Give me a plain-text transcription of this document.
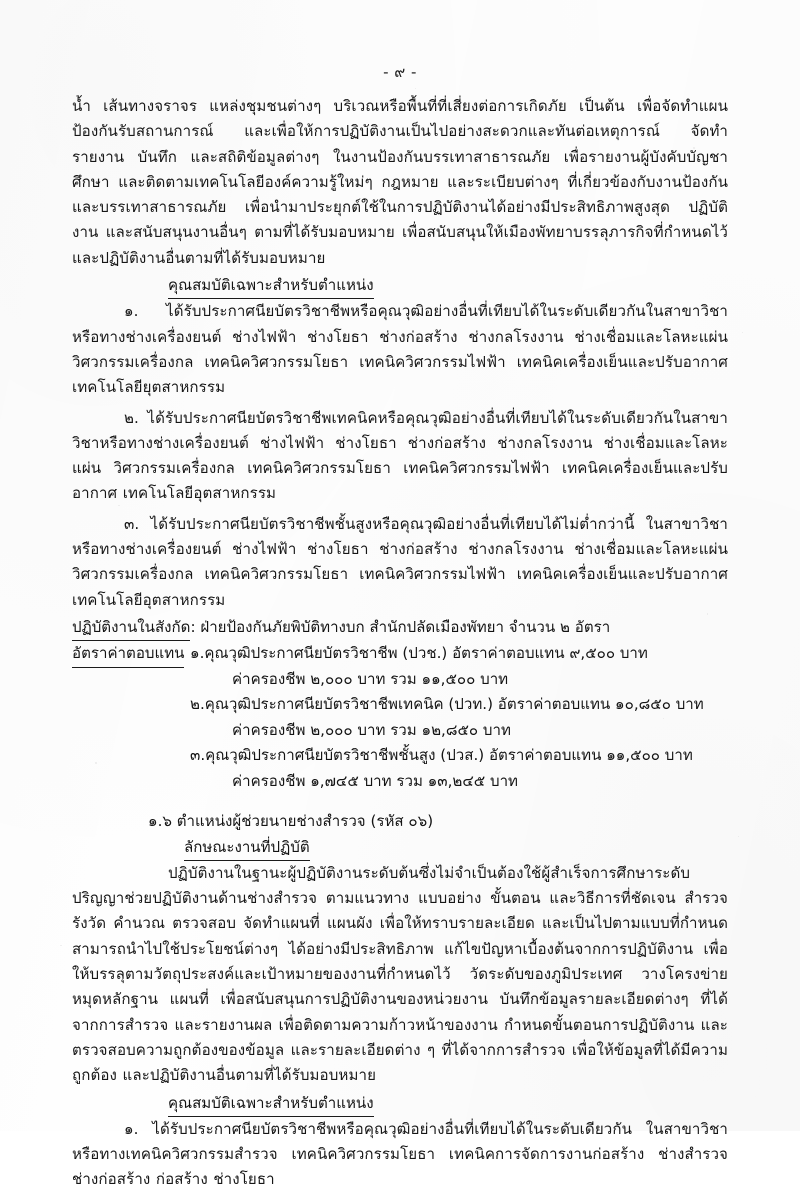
- ๙ -

น้ำ เส้นทางจราจร แหล่งชุมชนต่างๆ บริเวณหรือพื้นที่ที่เสี่ยงต่อการเกิดภัย เป็นต้น เพื่อจัดทำแผนป้องกันรับสถานการณ์ และเพื่อให้การปฏิบัติงานเป็นไปอย่างสะดวกและทันต่อเหตุการณ์ จัดทำรายงาน บันทึก และสถิติข้อมูลต่างๆ ในงานป้องกันบรรเทาสาธารณภัย เพื่อรายงานผู้บังคับบัญชา ศึกษา และติดตามเทคโนโลยีองค์ความรู้ใหม่ๆ กฎหมาย และระเบียบต่างๆ ที่เกี่ยวข้องกับงานป้องกันและบรรเทาสาธารณภัย เพื่อนำมาประยุกต์ใช้ในการปฏิบัติงานได้อย่างมีประสิทธิภาพสูงสุด ปฏิบัติงาน และสนับสนุนงานอื่นๆ ตามที่ได้รับมอบหมาย เพื่อสนับสนุนให้เมืองพัทยาบรรลุภารกิจที่กำหนดไว้ และปฏิบัติงานอื่นตามที่ได้รับมอบหมาย

คุณสมบัติเฉพาะสำหรับตำแหน่ง

๑. ได้รับประกาศนียบัตรวิชาชีพหรือคุณวุฒิอย่างอื่นที่เทียบได้ในระดับเดียวกันในสาขาวิชาหรือทางช่างเครื่องยนต์ ช่างไฟฟ้า ช่างโยธา ช่างก่อสร้าง ช่างกลโรงงาน ช่างเชื่อมและโลหะแผ่น วิศวกรรมเครื่องกล เทคนิควิศวกรรมโยธา เทคนิควิศวกรรมไฟฟ้า เทคนิคเครื่องเย็นและปรับอากาศ เทคโนโลยียุตสาหกรรม

๒. ได้รับประกาศนียบัตรวิชาชีพเทคนิคหรือคุณวุฒิอย่างอื่นที่เทียบได้ในระดับเดียวกันในสาขาวิชาหรือทางช่างเครื่องยนต์ ช่างไฟฟ้า ช่างโยธา ช่างก่อสร้าง ช่างกลโรงงาน ช่างเชื่อมและโลหะแผ่น วิศวกรรมเครื่องกล เทคนิควิศวกรรมโยธา เทคนิควิศวกรรมไฟฟ้า เทคนิคเครื่องเย็นและปรับอากาศ เทคโนโลยีอุตสาหกรรม

๓. ได้รับประกาศนียบัตรวิชาชีพชั้นสูงหรือคุณวุฒิอย่างอื่นที่เทียบได้ไม่ต่ำกว่านี้ ในสาขาวิชาหรือทางช่างเครื่องยนต์ ช่างไฟฟ้า ช่างโยธา ช่างก่อสร้าง ช่างกลโรงงาน ช่างเชื่อมและโลหะแผ่น วิศวกรรมเครื่องกล เทคนิควิศวกรรมโยธา เทคนิควิศวกรรมไฟฟ้า เทคนิคเครื่องเย็นและปรับอากาศ เทคโนโลยีอุตสาหกรรม

ปฏิบัติงานในสังกัด : ฝ่ายป้องกันภัยพิบัติทางบก สำนักปลัดเมืองพัทยา จำนวน ๒ อัตรา
อัตราค่าตอบแทน ๑.คุณวุฒิประกาศนียบัตรวิชาชีพ (ปวช.) อัตราค่าตอบแทน ๙,๕๐๐ บาท
ค่าครองชีพ ๒,๐๐๐ บาท รวม ๑๑,๕๐๐ บาท
๒.คุณวุฒิประกาศนียบัตรวิชาชีพเทคนิค (ปวท.) อัตราค่าตอบแทน ๑๐,๘๕๐ บาท
ค่าครองชีพ ๒,๐๐๐ บาท รวม ๑๒,๘๕๐ บาท
๓.คุณวุฒิประกาศนียบัตรวิชาชีพชั้นสูง (ปวส.) อัตราค่าตอบแทน ๑๑,๕๐๐ บาท
ค่าครองชีพ ๑,๗๔๕ บาท รวม ๑๓,๒๔๕ บาท

๑.๖ ตำแหน่งผู้ช่วยนายช่างสำรวจ (รหัส ๐๖)

ลักษณะงานที่ปฏิบัติ

ปฏิบัติงานในฐานะผู้ปฏิบัติงานระดับต้นซึ่งไม่จำเป็นต้องใช้ผู้สำเร็จการศึกษาระดับปริญญาช่วยปฏิบัติงานด้านช่างสำรวจ ตามแนวทาง แบบอย่าง ขั้นตอน และวิธีการที่ชัดเจน สำรวจ รังวัด คำนวณ ตรวจสอบ จัดทำแผนที่ แผนผัง เพื่อให้ทราบรายละเอียด และเป็นไปตามแบบที่กำหนด สามารถนำไปใช้ประโยชน์ต่างๆ ได้อย่างมีประสิทธิภาพ แก้ไขปัญหาเบื้องต้นจากการปฏิบัติงาน เพื่อให้บรรลุตามวัตถุประสงค์และเป้าหมายของงานที่กำหนดไว้ วัดระดับของภูมิประเทศ วางโครงข่ายหมุดหลักฐาน แผนที่ เพื่อสนับสนุนการปฏิบัติงานของหน่วยงาน บันทึกข้อมูลรายละเอียดต่างๆ ที่ได้จากการสำรวจ และรายงานผล เพื่อติดตามความก้าวหน้าของงาน กำหนดขั้นตอนการปฏิบัติงาน และตรวจสอบความถูกต้องของข้อมูล และรายละเอียดต่าง ๆ ที่ได้จากการสำรวจ เพื่อให้ข้อมูลที่ได้มีความถูกต้อง และปฏิบัติงานอื่นตามที่ได้รับมอบหมาย

คุณสมบัติเฉพาะสำหรับตำแหน่ง

๑. ได้รับประกาศนียบัตรวิชาชีพหรือคุณวุฒิอย่างอื่นที่เทียบได้ในระดับเดียวกัน ในสาขาวิชาหรือทางเทคนิควิศวกรรมสำรวจ เทคนิควิศวกรรมโยธา เทคนิคการจัดการงานก่อสร้าง ช่างสำรวจ ช่างก่อสร้าง ก่อสร้าง ช่างโยธา
